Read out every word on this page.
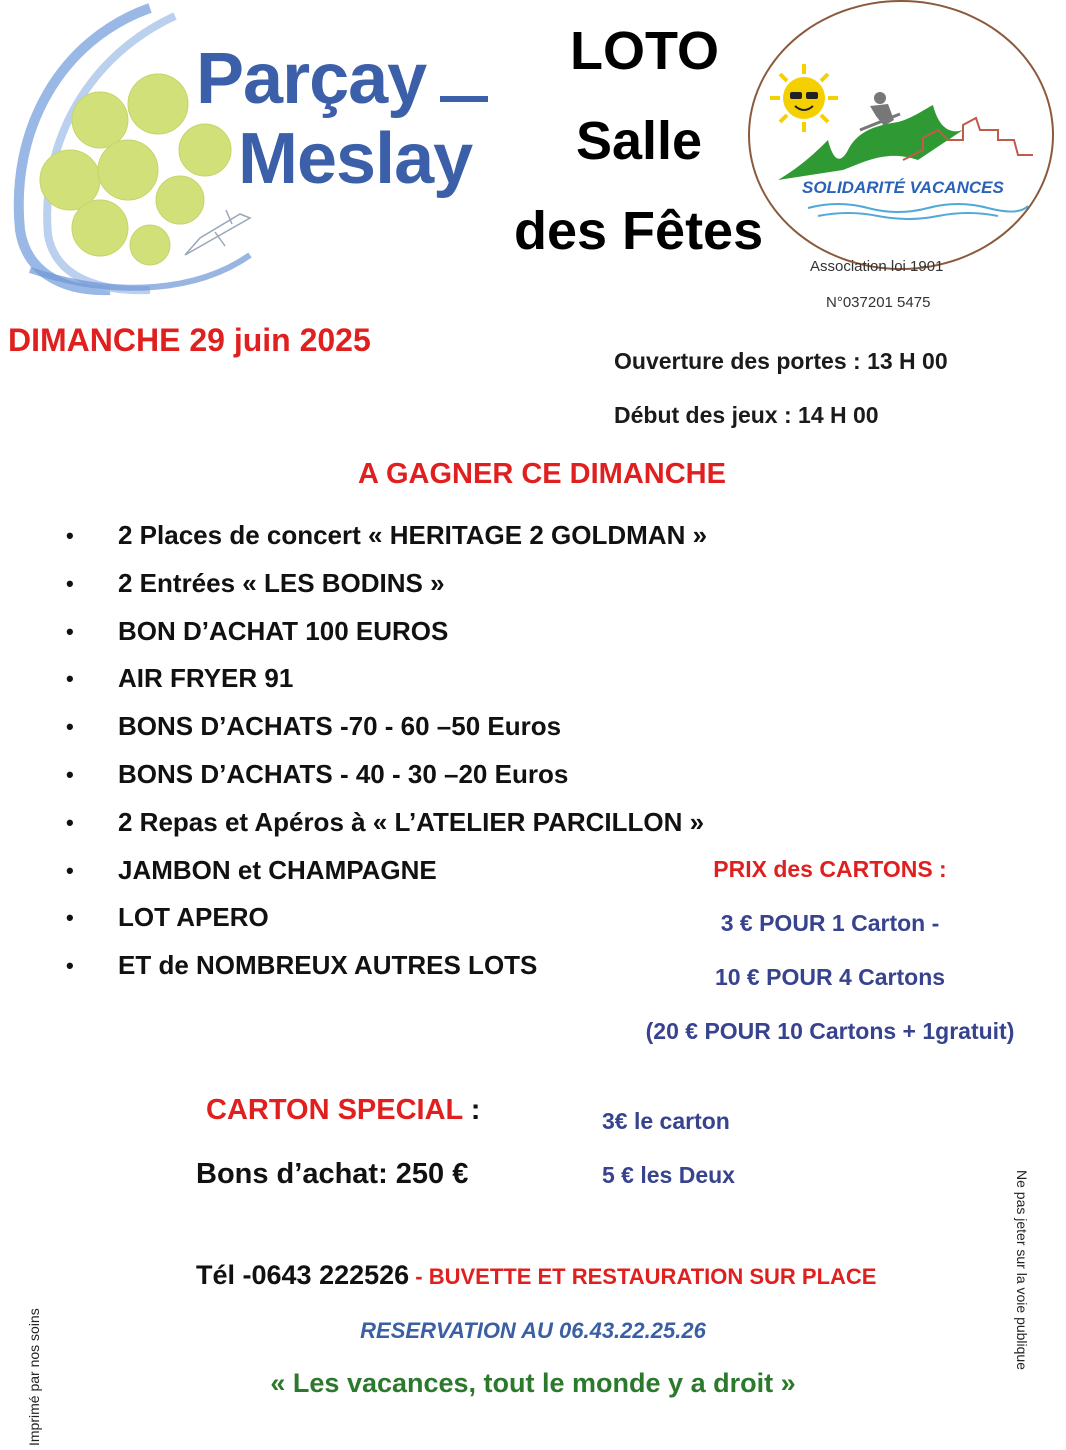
Parçay
Meslay
LOTO
Salle
des Fêtes
SOLIDARITÉ VACANCES
Association loi 1901
N°037201 5475
DIMANCHE 29 juin 2025
Ouverture des portes : 13 H 00
Début des jeux : 14 H 00
A GAGNER CE DIMANCHE
• 2 Places de concert « HERITAGE 2 GOLDMAN »
• 2 Entrées « LES BODINS »
• BON D’ACHAT 100 EUROS
• AIR FRYER 91
• BONS D’ACHATS -70 - 60 –50 Euros
• BONS D’ACHATS - 40 - 30 –20 Euros
• 2 Repas et Apéros à « L’ATELIER PARCILLON »
• JAMBON et CHAMPAGNE
• LOT APERO
• ET de NOMBREUX AUTRES LOTS
PRIX des CARTONS :
3 € POUR 1 Carton -
10 € POUR 4 Cartons
(20 € POUR 10 Cartons + 1gratuit)
CARTON SPECIAL :
Bons d’achat: 250 €
3€ le carton
5 € les Deux
Tél -0643 222526 - BUVETTE ET RESTAURATION SUR PLACE
RESERVATION AU 06.43.22.25.26
« Les vacances, tout le monde y a droit »
Imprimé par nos soins
Ne pas jeter sur la voie publique
